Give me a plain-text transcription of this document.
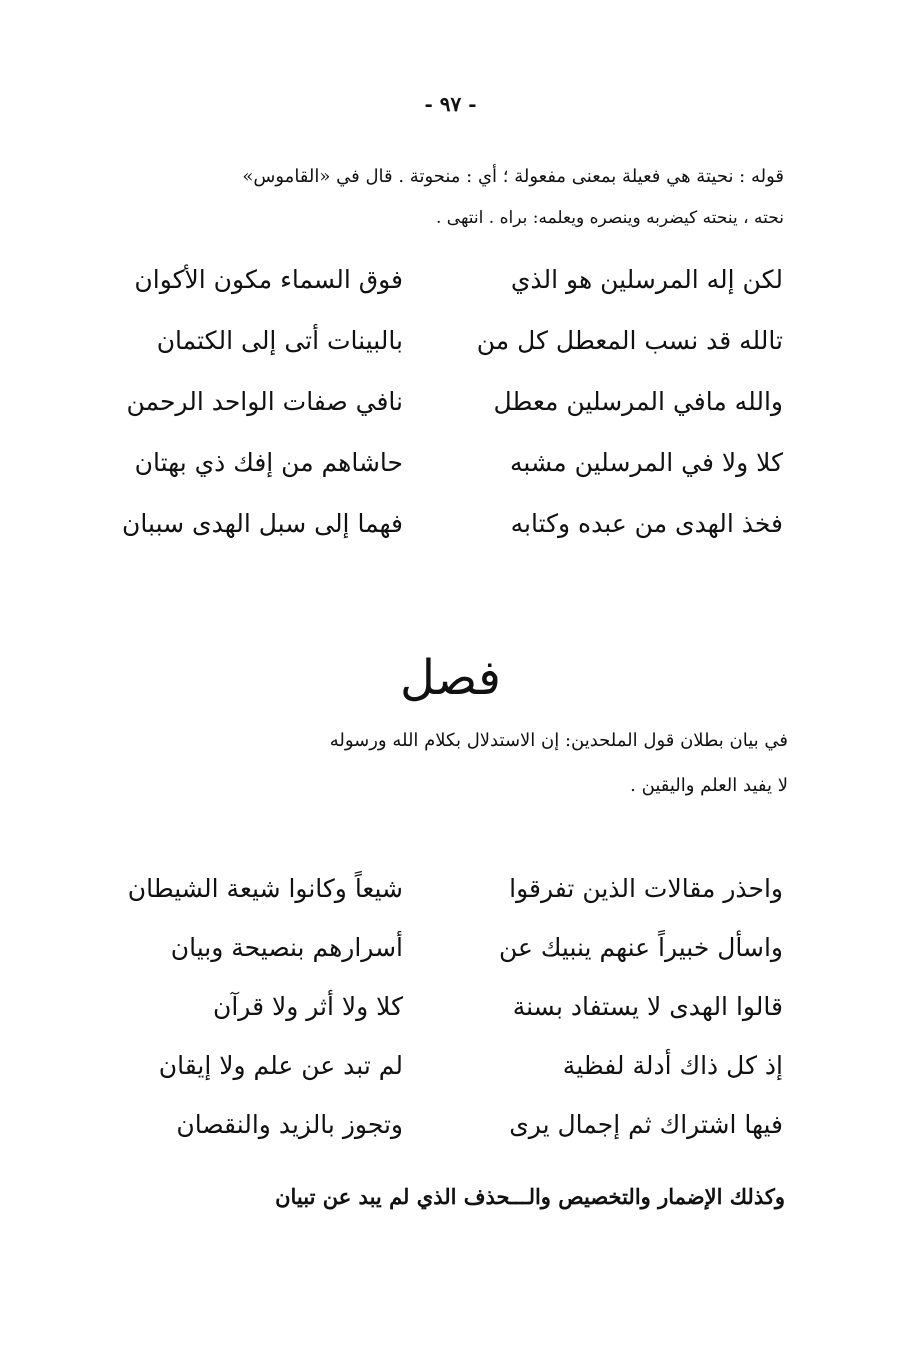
- ٩٧ -
قوله : نحيتة هي فعيلة بمعنى مفعولة ؛ أي : منحوتة . قال في «القاموس»
نحته ، ينحته كيضربه وينصره ويعلمه: براه . انتهى .
لكن إله المرسلين هو الذي
فوق السماء مكون الأكوان
تالله قد نسب المعطل كل من
بالبينات أتى إلى الكتمان
والله مافي المرسلين معطل
نافي صفات الواحد الرحمن
كلا ولا في المرسلين مشبه
حاشاهم من إفك ذي بهتان
فخذ الهدى من عبده وكتابه
فهما إلى سبل الهدى سببان
فصل
في بيان بطلان قول الملحدين: إن الاستدلال بكلام الله ورسوله
لا يفيد العلم واليقين .
واحذر مقالات الذين تفرقوا
شيعاً وكانوا شيعة الشيطان
واسأل خبيراً عنهم ينبيك عن
أسرارهم بنصيحة وبيان
قالوا الهدى لا يستفاد بسنة
كلا ولا أثر ولا قرآن
إذ كل ذاك أدلة لفظية
لم تبد عن علم ولا إيقان
فيها اشتراك ثم إجمال يرى
وتجوز بالزيد والنقصان
وكذلك الإضمار والتخصيص والـــحذف الذي لم يبد عن تبيان
